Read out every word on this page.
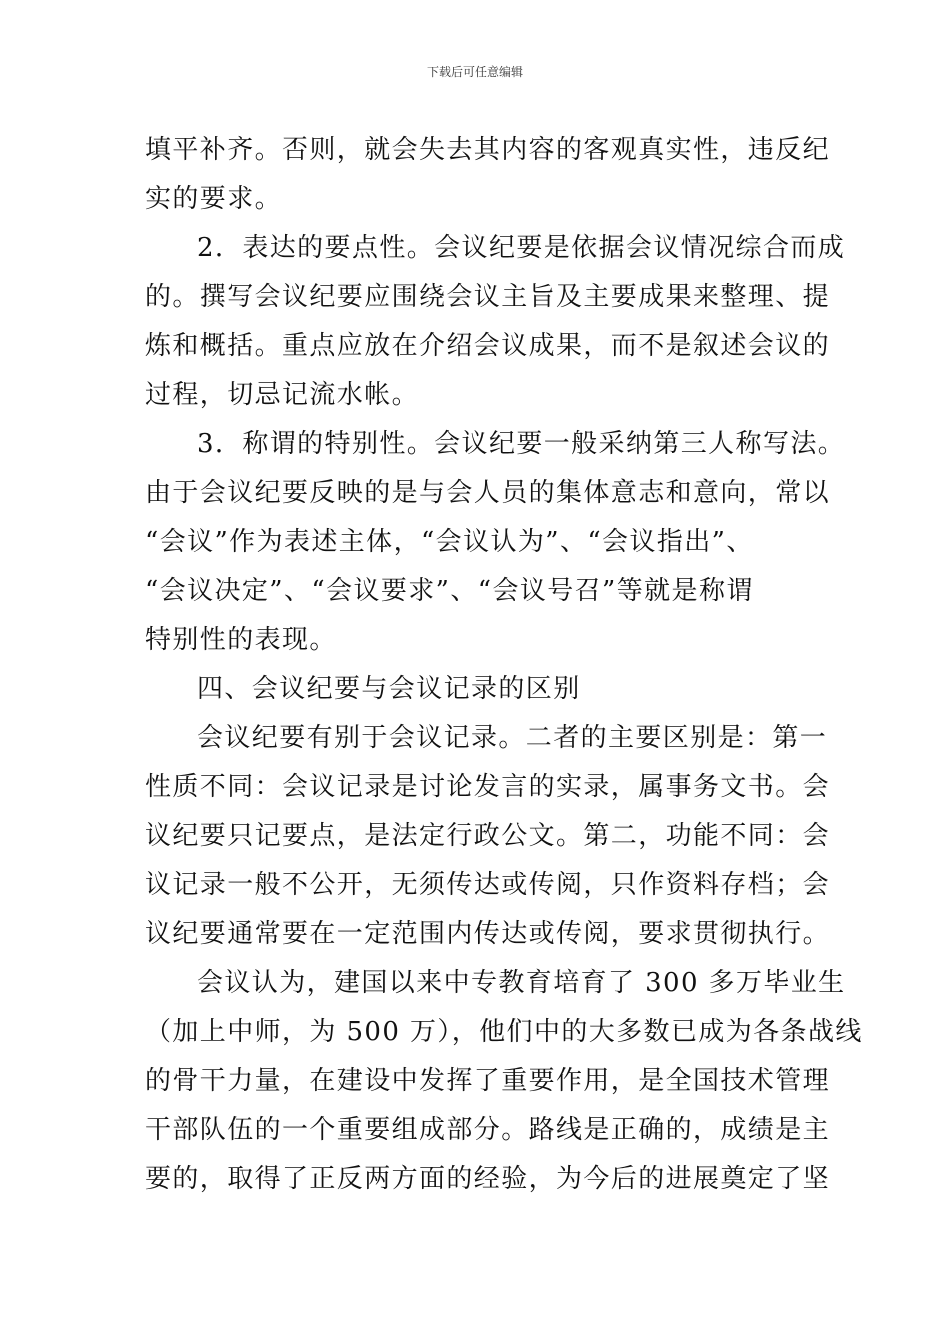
下载后可任意编辑
填平补齐。否则，就会失去其内容的客观真实性，违反纪
实的要求。
2．表达的要点性。会议纪要是依据会议情况综合而成
的。撰写会议纪要应围绕会议主旨及主要成果来整理、提
炼和概括。重点应放在介绍会议成果，而不是叙述会议的
过程，切忌记流水帐。
3．称谓的特别性。会议纪要一般采纳第三人称写法。
由于会议纪要反映的是与会人员的集体意志和意向，常以
“会议”作为表述主体，“会议认为”、“会议指出”、
“会议决定”、“会议要求”、“会议号召”等就是称谓
特别性的表现。
四、会议纪要与会议记录的区别
会议纪要有别于会议记录。二者的主要区别是：第一
性质不同：会议记录是讨论发言的实录，属事务文书。会
议纪要只记要点，是法定行政公文。第二，功能不同：会
议记录一般不公开，无须传达或传阅，只作资料存档；会
议纪要通常要在一定范围内传达或传阅，要求贯彻执行。
会议认为，建国以来中专教育培育了 300 多万毕业生
（加上中师，为 500 万），他们中的大多数已成为各条战线
的骨干力量，在建设中发挥了重要作用，是全国技术管理
干部队伍的一个重要组成部分。路线是正确的，成绩是主
要的，取得了正反两方面的经验，为今后的进展奠定了坚
